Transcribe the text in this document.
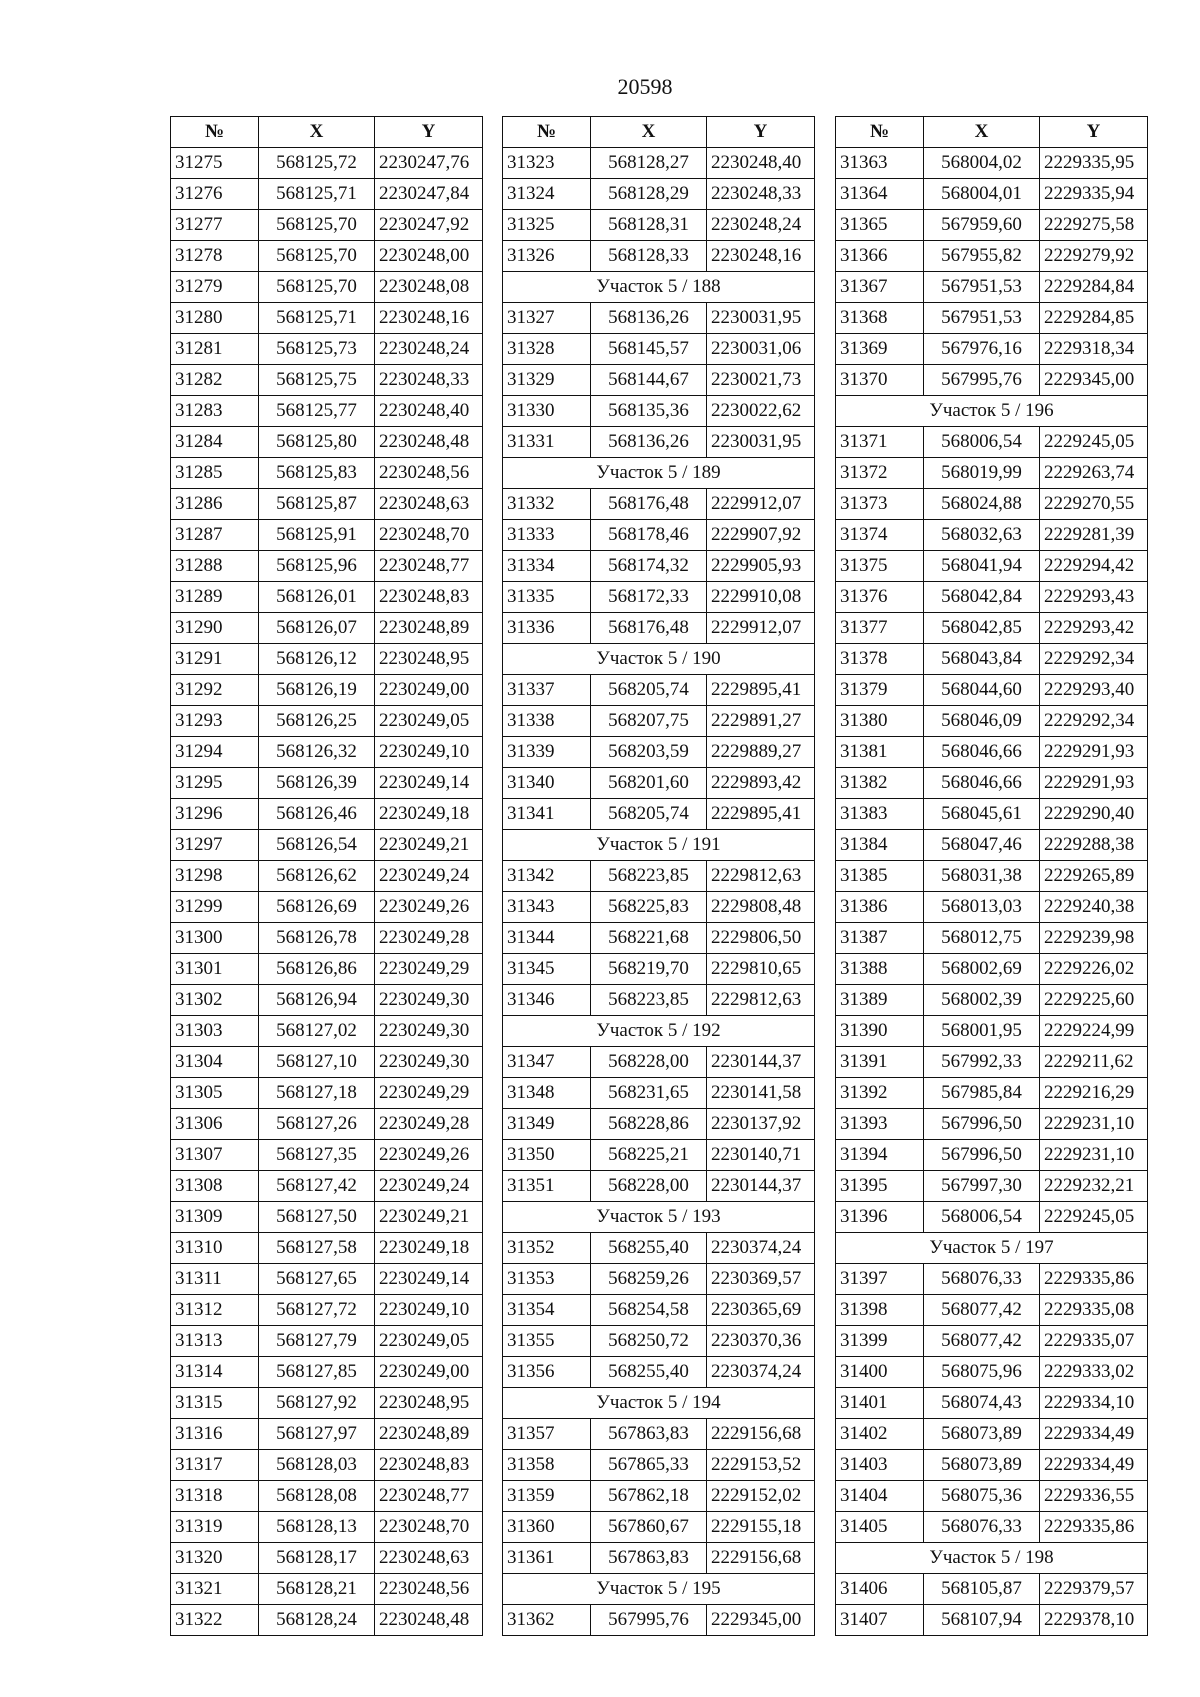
20598
№	X	Y
31275	568125,72	2230247,76
31276	568125,71	2230247,84
31277	568125,70	2230247,92
31278	568125,70	2230248,00
31279	568125,70	2230248,08
31280	568125,71	2230248,16
31281	568125,73	2230248,24
31282	568125,75	2230248,33
31283	568125,77	2230248,40
31284	568125,80	2230248,48
31285	568125,83	2230248,56
31286	568125,87	2230248,63
31287	568125,91	2230248,70
31288	568125,96	2230248,77
31289	568126,01	2230248,83
31290	568126,07	2230248,89
31291	568126,12	2230248,95
31292	568126,19	2230249,00
31293	568126,25	2230249,05
31294	568126,32	2230249,10
31295	568126,39	2230249,14
31296	568126,46	2230249,18
31297	568126,54	2230249,21
31298	568126,62	2230249,24
31299	568126,69	2230249,26
31300	568126,78	2230249,28
31301	568126,86	2230249,29
31302	568126,94	2230249,30
31303	568127,02	2230249,30
31304	568127,10	2230249,30
31305	568127,18	2230249,29
31306	568127,26	2230249,28
31307	568127,35	2230249,26
31308	568127,42	2230249,24
31309	568127,50	2230249,21
31310	568127,58	2230249,18
31311	568127,65	2230249,14
31312	568127,72	2230249,10
31313	568127,79	2230249,05
31314	568127,85	2230249,00
31315	568127,92	2230248,95
31316	568127,97	2230248,89
31317	568128,03	2230248,83
31318	568128,08	2230248,77
31319	568128,13	2230248,70
31320	568128,17	2230248,63
31321	568128,21	2230248,56
31322	568128,24	2230248,48
№	X	Y
31323	568128,27	2230248,40
31324	568128,29	2230248,33
31325	568128,31	2230248,24
31326	568128,33	2230248,16
Участок 5 / 188		
31327	568136,26	2230031,95
31328	568145,57	2230031,06
31329	568144,67	2230021,73
31330	568135,36	2230022,62
31331	568136,26	2230031,95
Участок 5 / 189		
31332	568176,48	2229912,07
31333	568178,46	2229907,92
31334	568174,32	2229905,93
31335	568172,33	2229910,08
31336	568176,48	2229912,07
Участок 5 / 190		
31337	568205,74	2229895,41
31338	568207,75	2229891,27
31339	568203,59	2229889,27
31340	568201,60	2229893,42
31341	568205,74	2229895,41
Участок 5 / 191		
31342	568223,85	2229812,63
31343	568225,83	2229808,48
31344	568221,68	2229806,50
31345	568219,70	2229810,65
31346	568223,85	2229812,63
Участок 5 / 192		
31347	568228,00	2230144,37
31348	568231,65	2230141,58
31349	568228,86	2230137,92
31350	568225,21	2230140,71
31351	568228,00	2230144,37
Участок 5 / 193		
31352	568255,40	2230374,24
31353	568259,26	2230369,57
31354	568254,58	2230365,69
31355	568250,72	2230370,36
31356	568255,40	2230374,24
Участок 5 / 194		
31357	567863,83	2229156,68
31358	567865,33	2229153,52
31359	567862,18	2229152,02
31360	567860,67	2229155,18
31361	567863,83	2229156,68
Участок 5 / 195		
31362	567995,76	2229345,00
№	X	Y
31363	568004,02	2229335,95
31364	568004,01	2229335,94
31365	567959,60	2229275,58
31366	567955,82	2229279,92
31367	567951,53	2229284,84
31368	567951,53	2229284,85
31369	567976,16	2229318,34
31370	567995,76	2229345,00
Участок 5 / 196		
31371	568006,54	2229245,05
31372	568019,99	2229263,74
31373	568024,88	2229270,55
31374	568032,63	2229281,39
31375	568041,94	2229294,42
31376	568042,84	2229293,43
31377	568042,85	2229293,42
31378	568043,84	2229292,34
31379	568044,60	2229293,40
31380	568046,09	2229292,34
31381	568046,66	2229291,93
31382	568046,66	2229291,93
31383	568045,61	2229290,40
31384	568047,46	2229288,38
31385	568031,38	2229265,89
31386	568013,03	2229240,38
31387	568012,75	2229239,98
31388	568002,69	2229226,02
31389	568002,39	2229225,60
31390	568001,95	2229224,99
31391	567992,33	2229211,62
31392	567985,84	2229216,29
31393	567996,50	2229231,10
31394	567996,50	2229231,10
31395	567997,30	2229232,21
31396	568006,54	2229245,05
Участок 5 / 197		
31397	568076,33	2229335,86
31398	568077,42	2229335,08
31399	568077,42	2229335,07
31400	568075,96	2229333,02
31401	568074,43	2229334,10
31402	568073,89	2229334,49
31403	568073,89	2229334,49
31404	568075,36	2229336,55
31405	568076,33	2229335,86
Участок 5 / 198		
31406	568105,87	2229379,57
31407	568107,94	2229378,10
